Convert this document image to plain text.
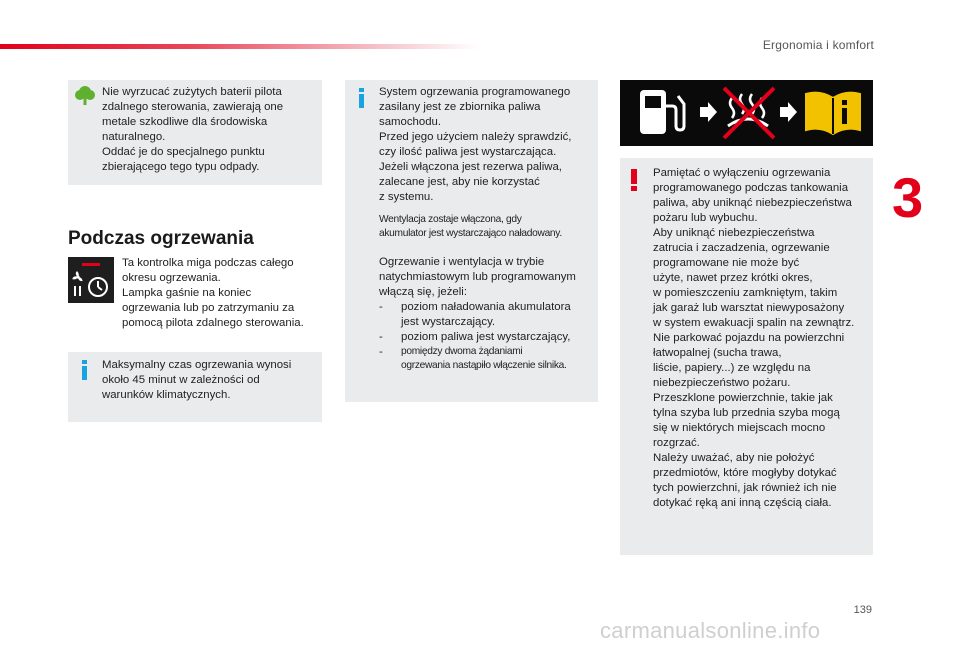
Ergonomia i komfort
3

Nie wyrzucać zużytych baterii pilota

zdalnego sterowania, zawierają one

metale szkodliwe dla środowiska

naturalnego.

Oddać je do specjalnego punktu

zbierającego tego typu odpady.

Podczas ogrzewania

Ta kontrolka miga podczas całego

okresu ogrzewania.

Lampka gaśnie na koniec

ogrzewania lub po zatrzymaniu za

pomocą pilota zdalnego sterowania.

Maksymalny czas ogrzewania wynosi

około 45 minut w zależności od

warunków klimatycznych.

System ogrzewania programowanego

zasilany jest ze zbiornika paliwa

samochodu.

Przed jego użyciem należy sprawdzić,

czy ilość paliwa jest wystarczająca.

Jeżeli włączona jest rezerwa paliwa,

zalecane jest, aby nie korzystać

z systemu.

Wentylacja zostaje włączona, gdy

akumulator jest wystarczająco naładowany.

Ogrzewanie i wentylacja w trybie

natychmiastowym lub programowanym

włączą się, jeżeli:

-	poziom naładowania akumulatora

jest wystarczający.

-	poziom paliwa jest wystarczający,

-	pomiędzy dwoma żądaniami

ogrzewania nastąpiło włączenie silnika.

Pamiętać o wyłączeniu ogrzewania

programowanego podczas tankowania

paliwa, aby uniknąć niebezpieczeństwa

pożaru lub wybuchu.

Aby uniknąć niebezpieczeństwa

zatrucia i zaczadzenia, ogrzewanie

programowane nie może być

użyte, nawet przez krótki okres,

w pomieszczeniu zamkniętym, takim

jak garaż lub warsztat niewyposażony

w system ewakuacji spalin na zewnątrz.

Nie parkować pojazdu na powierzchni

łatwopalnej (sucha trawa,

liście, papiery...) ze względu na

niebezpieczeństwo pożaru.

Przeszklone powierzchnie, takie jak

tylna szyba lub przednia szyba mogą

się w niektórych miejscach mocno

rozgrzać.

Należy uważać, aby nie położyć

przedmiotów, które mogłyby dotykać

tych powierzchni, jak również ich nie

dotykać ręką ani inną częścią ciała.

139
carmanualsonline.info
